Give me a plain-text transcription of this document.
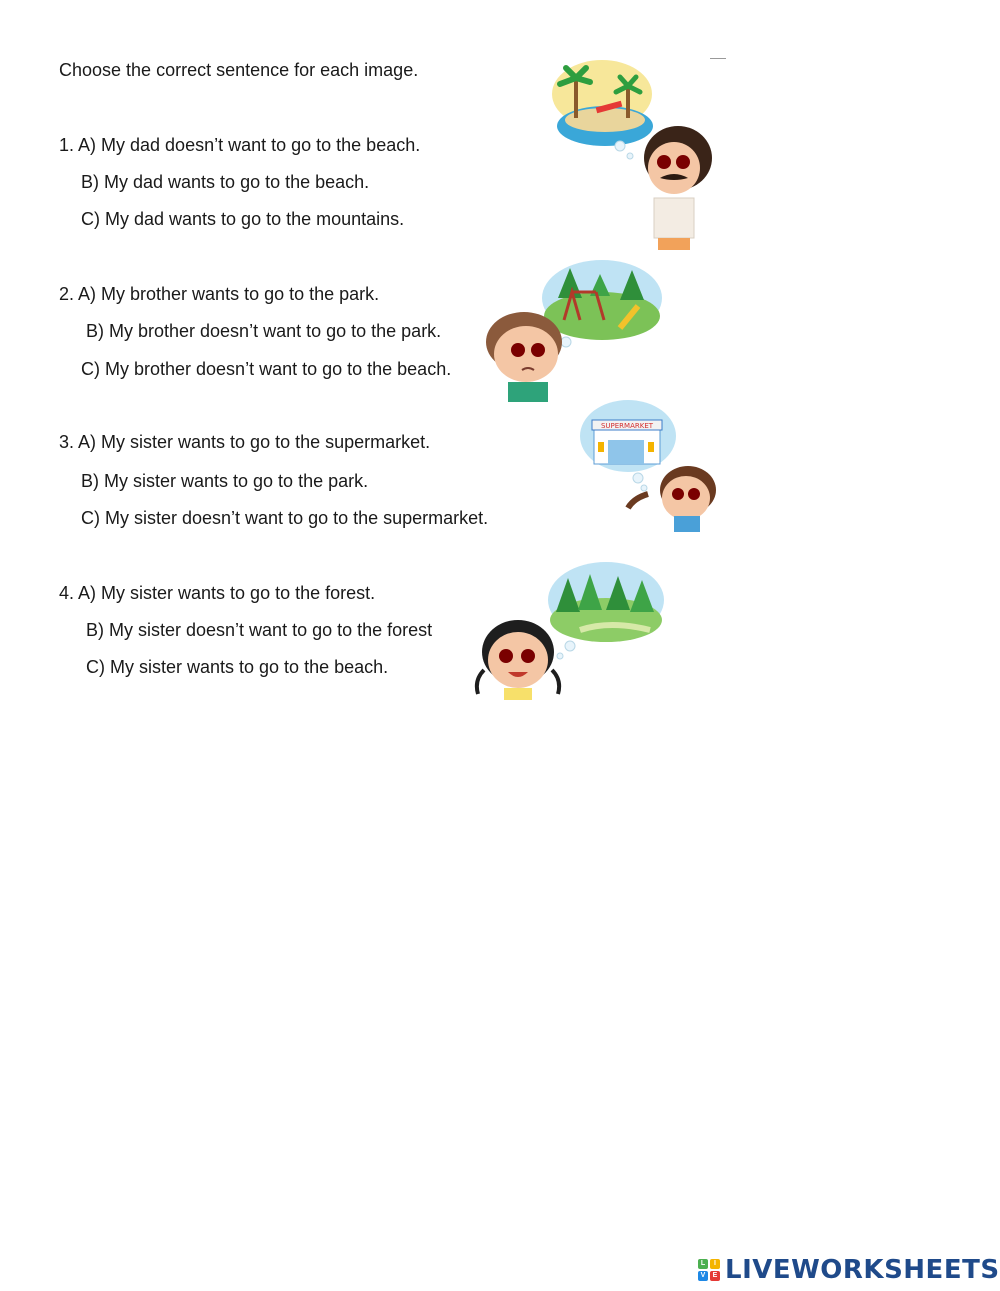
Choose the correct sentence for each image.
1. A) My dad doesn’t want to go to the beach.
B) My dad wants to go to the beach.
C) My dad wants to go to the mountains.
2. A) My brother wants to go to the park.
B) My brother doesn’t want to go to the park.
C) My brother doesn’t want to go to the beach.
3. A) My sister wants to go to the supermarket.
B) My sister wants to go to the park.
C) My sister doesn’t want to go to the supermarket.
4. A) My sister wants to go to the forest.
B) My sister doesn’t want to go to the forest
C) My sister wants to go to the beach.
SUPERMARKET
L	I
V	E LIVEWORKSHEETS
